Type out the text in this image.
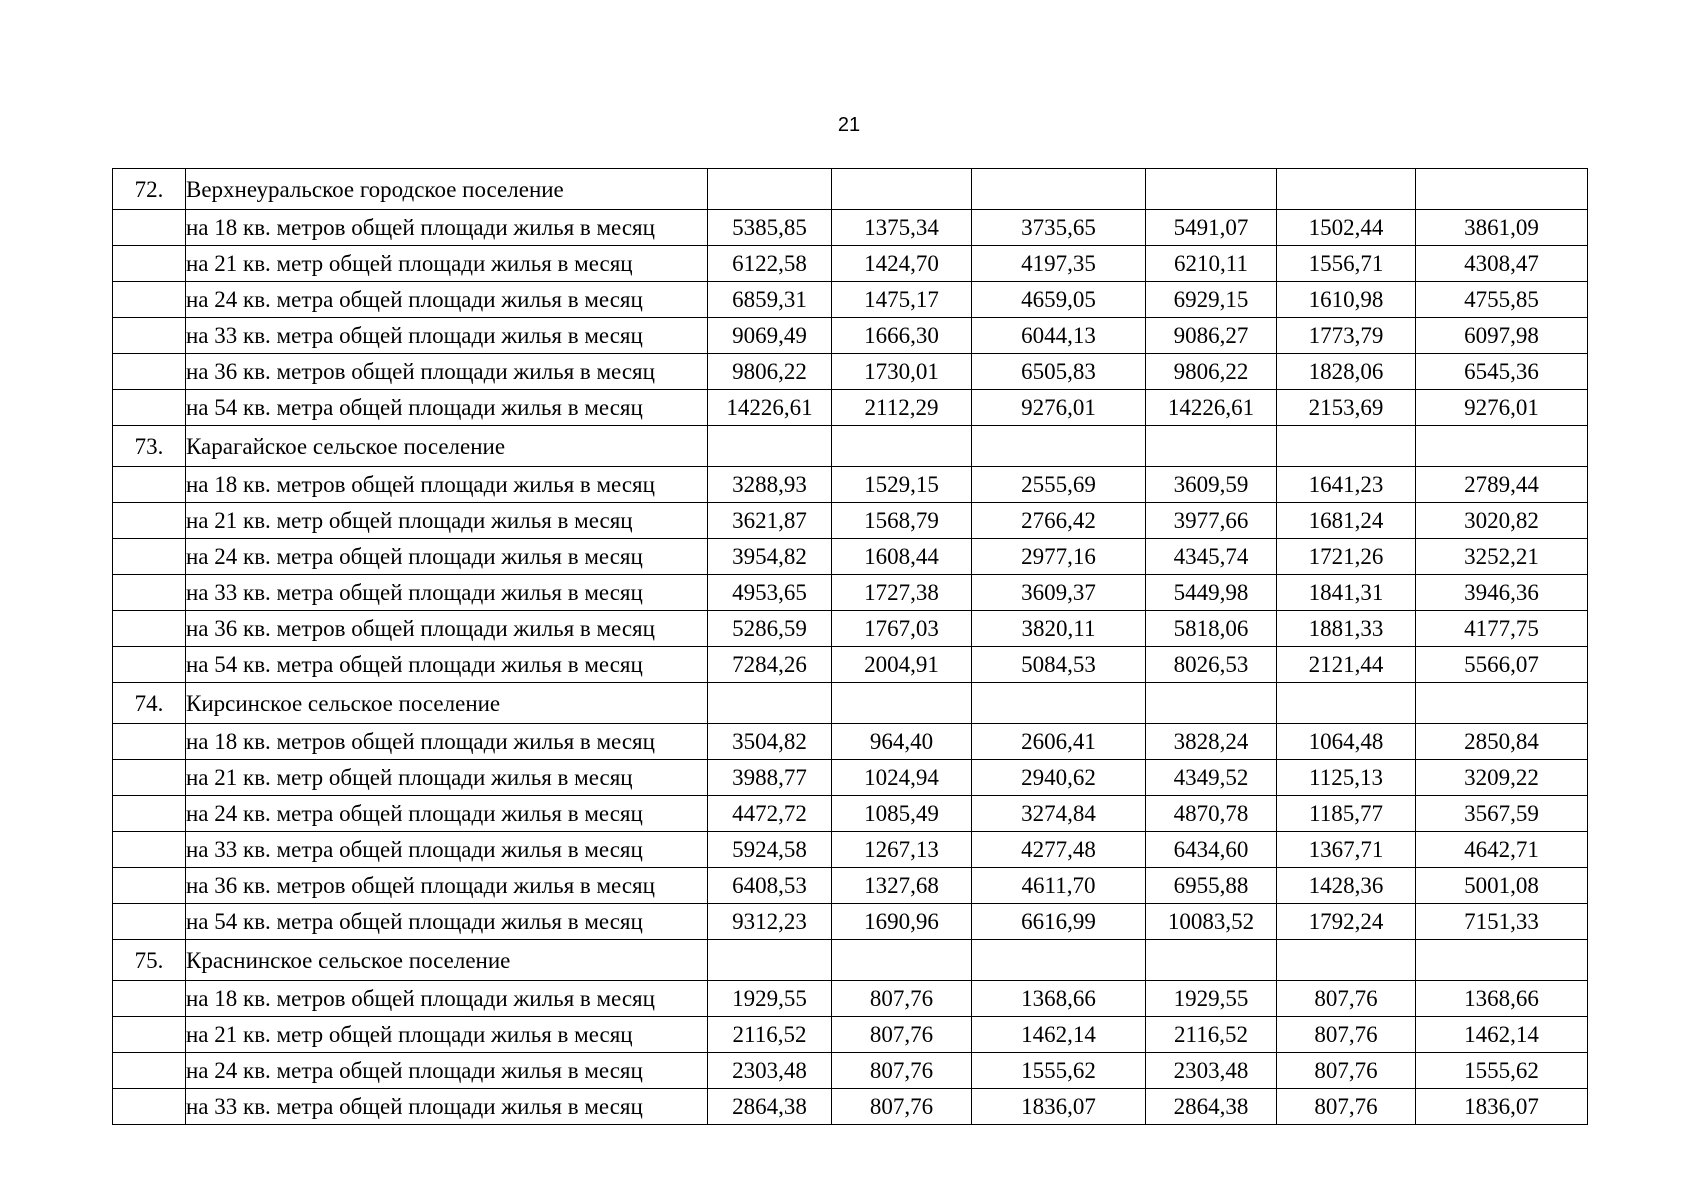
21
72.	Верхнеуральское городское поселение						
	на 18 кв. метров общей площади жилья в месяц	5385,85	1375,34	3735,65	5491,07	1502,44	3861,09
	на 21 кв. метр общей площади жилья в месяц	6122,58	1424,70	4197,35	6210,11	1556,71	4308,47
	на 24 кв. метра общей площади жилья в месяц	6859,31	1475,17	4659,05	6929,15	1610,98	4755,85
	на 33 кв. метра общей площади жилья в месяц	9069,49	1666,30	6044,13	9086,27	1773,79	6097,98
	на 36 кв. метров общей площади жилья в месяц	9806,22	1730,01	6505,83	9806,22	1828,06	6545,36
	на 54 кв. метра общей площади жилья в месяц	14226,61	2112,29	9276,01	14226,61	2153,69	9276,01
73.	Карагайское сельское поселение						
	на 18 кв. метров общей площади жилья в месяц	3288,93	1529,15	2555,69	3609,59	1641,23	2789,44
	на 21 кв. метр общей площади жилья в месяц	3621,87	1568,79	2766,42	3977,66	1681,24	3020,82
	на 24 кв. метра общей площади жилья в месяц	3954,82	1608,44	2977,16	4345,74	1721,26	3252,21
	на 33 кв. метра общей площади жилья в месяц	4953,65	1727,38	3609,37	5449,98	1841,31	3946,36
	на 36 кв. метров общей площади жилья в месяц	5286,59	1767,03	3820,11	5818,06	1881,33	4177,75
	на 54 кв. метра общей площади жилья в месяц	7284,26	2004,91	5084,53	8026,53	2121,44	5566,07
74.	Кирсинское сельское поселение						
	на 18 кв. метров общей площади жилья в месяц	3504,82	964,40	2606,41	3828,24	1064,48	2850,84
	на 21 кв. метр общей площади жилья в месяц	3988,77	1024,94	2940,62	4349,52	1125,13	3209,22
	на 24 кв. метра общей площади жилья в месяц	4472,72	1085,49	3274,84	4870,78	1185,77	3567,59
	на 33 кв. метра общей площади жилья в месяц	5924,58	1267,13	4277,48	6434,60	1367,71	4642,71
	на 36 кв. метров общей площади жилья в месяц	6408,53	1327,68	4611,70	6955,88	1428,36	5001,08
	на 54 кв. метра общей площади жилья в месяц	9312,23	1690,96	6616,99	10083,52	1792,24	7151,33
75.	Краснинское сельское поселение						
	на 18 кв. метров общей площади жилья в месяц	1929,55	807,76	1368,66	1929,55	807,76	1368,66
	на 21 кв. метр общей площади жилья в месяц	2116,52	807,76	1462,14	2116,52	807,76	1462,14
	на 24 кв. метра общей площади жилья в месяц	2303,48	807,76	1555,62	2303,48	807,76	1555,62
	на 33 кв. метра общей площади жилья в месяц	2864,38	807,76	1836,07	2864,38	807,76	1836,07
